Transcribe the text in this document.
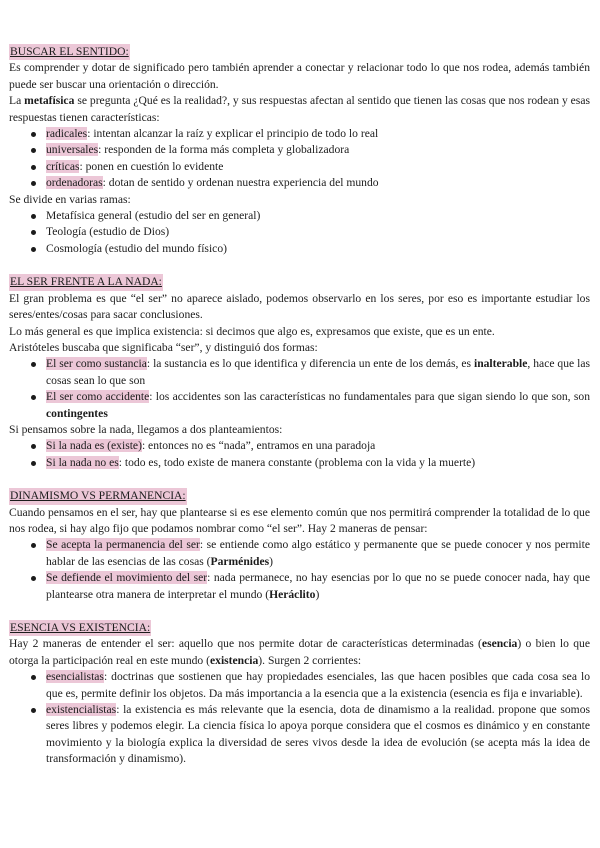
BUSCAR EL SENTIDO:

Es comprender y dotar de significado pero también aprender a conectar y relacionar todo lo que nos rodea, además también puede ser buscar una orientación o dirección.

La metafísica se pregunta ¿Qué es la realidad?, y sus respuestas afectan al sentido que tienen las cosas que nos rodean y esas respuestas tienen características:

radicales: intentan alcanzar la raíz y explicar el principio de todo lo real
universales: responden de la forma más completa y globalizadora
críticas: ponen en cuestión lo evidente
ordenadoras: dotan de sentido y ordenan nuestra experiencia del mundo

Se divide en varias ramas:

Metafísica general (estudio del ser en general)
Teología (estudio de Dios)
Cosmología (estudio del mundo físico)
EL SER FRENTE A LA NADA:

El gran problema es que “el ser” no aparece aislado, podemos observarlo en los seres, por eso es importante estudiar los seres/entes/cosas para sacar conclusiones.

Lo más general es que implica existencia: si decimos que algo es, expresamos que existe, que es un ente.

Aristóteles buscaba que significaba “ser”, y distinguió dos formas:

El ser como sustancia: la sustancia es lo que identifica y diferencia un ente de los demás, es inalterable, hace que las cosas sean lo que son
El ser como accidente: los accidentes son las características no fundamentales para que sigan siendo lo que son, son contingentes

Si pensamos sobre la nada, llegamos a dos planteamientos:

Si la nada es (existe): entonces no es “nada”, entramos en una paradoja
Si la nada no es: todo es, todo existe de manera constante (problema con la vida y la muerte)
DINAMISMO VS PERMANENCIA:

Cuando pensamos en el ser, hay que plantearse si es ese elemento común que nos permitirá comprender la totalidad de lo que nos rodea, si hay algo fijo que podamos nombrar como “el ser”. Hay 2 maneras de pensar:

Se acepta la permanencia del ser: se entiende como algo estático y permanente que se puede conocer y nos permite hablar de las esencias de las cosas (Parménides)
Se defiende el movimiento del ser: nada permanece, no hay esencias por lo que no se puede conocer nada, hay que plantearse otra manera de interpretar el mundo (Heráclito)
ESENCIA VS EXISTENCIA:

Hay 2 maneras de entender el ser: aquello que nos permite dotar de características determinadas (esencia) o bien lo que otorga la participación real en este mundo (existencia). Surgen 2 corrientes:

esencialistas: doctrinas que sostienen que hay propiedades esenciales, las que hacen posibles que cada cosa sea lo que es, permite definir los objetos. Da más importancia a la esencia que a la existencia (esencia es fija e invariable).
existencialistas: la existencia es más relevante que la esencia, dota de dinamismo a la realidad. propone que somos seres libres y podemos elegir. La ciencia física lo apoya porque considera que el cosmos es dinámico y en constante movimiento y la biología explica la diversidad de seres vivos desde la idea de evolución (se acepta más la idea de transformación y dinamismo).
